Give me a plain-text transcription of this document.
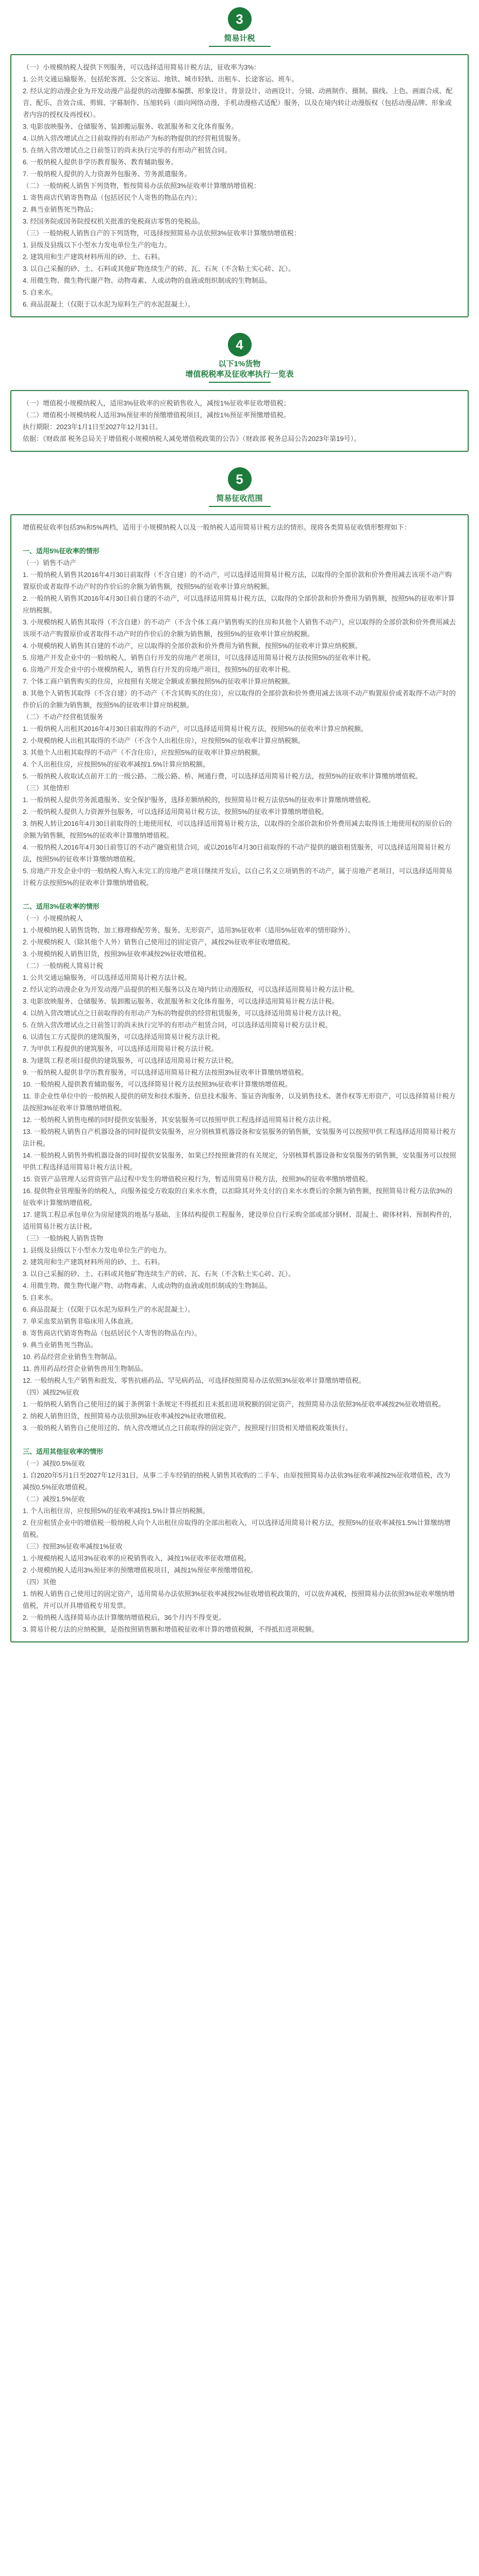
3
简易计税

（一）小规模纳税人提供下列服务，可以选择适用简易计税方法，征收率为3%：

1. 公共交通运输服务。包括轮客渡、公交客运、地铁、城市轻轨、出租车、长途客运、班车。

2. 经认定的动漫企业为开发动漫产品提供的动漫脚本编撰、形象设计、背景设计、动画设计、分镜、动画制作、摄制、描线、上色、画面合成、配音、配乐、音效合成、剪辑、字幕制作、压缩转码（面向网络动漫、手机动漫格式适配）服务，以及在境内转让动漫版权（包括动漫品牌、形象或者内容的授权及再授权）。

3. 电影放映服务、仓储服务、装卸搬运服务、收派服务和文化体育服务。

4. 以纳入营改增试点之日前取得的有形动产为标的物提供的经营租赁服务。

5. 在纳入营改增试点之日前签订的尚未执行完毕的有形动产租赁合同。

6. 一般纳税人提供非学历教育服务、教育辅助服务。

7. 一般纳税人提供的人力资源外包服务、劳务派遣服务。

（二）一般纳税人销售下列货物，暂按简易办法依照3%征收率计算缴纳增值税：

1. 寄售商店代销寄售物品（包括居民个人寄售的物品在内）；

2. 典当业销售死当物品；

3. 经国务院或国务院授权机关批准的免税商店零售的免税品。

（三）一般纳税人销售自产的下列货物，可选择按照简易办法依照3%征收率计算缴纳增值税：

1. 县级及县级以下小型水力发电单位生产的电力。

2. 建筑用和生产建筑材料所用的砂、土、石料。

3. 以自己采掘的砂、土、石料或其他矿物连续生产的砖、瓦、石灰（不含粘土实心砖、瓦）。

4. 用微生物、微生物代谢产物、动物毒素、人或动物的血液或组织制成的生物制品。

5. 自来水。

6. 商品混凝土（仅限于以水泥为原料生产的水泥混凝土）。

4
以下1%货物
增值税税率及征收率执行一览表

（一）增值税小规模纳税人，适用3%征收率的应税销售收入，减按1%征收率征收增值税；

（二）增值税小规模纳税人适用3%预征率的预缴增值税项目，减按1%预征率预缴增值税。

执行期限：2023年1月1日至2027年12月31日。

依据：《财政部 税务总局关于增值税小规模纳税人减免增值税政策的公告》（财政部 税务总局公告2023年第19号）。

5
简易征收范围

增值税征收率包括3%和5%两档，适用于小规模纳税人以及一般纳税人适用简易计税方法的情形。现将各类简易征收情形整理如下：

一、适用5%征收率的情形

（一）销售不动产

1. 一般纳税人销售其2016年4月30日前取得（不含自建）的不动产，可以选择适用简易计税方法，以取得的全部价款和价外费用减去该项不动产购置原价或者取得不动产时的作价后的余额为销售额，按照5%的征收率计算应纳税额。

2. 一般纳税人销售其2016年4月30日前自建的不动产，可以选择适用简易计税方法，以取得的全部价款和价外费用为销售额，按照5%的征收率计算应纳税额。

3. 小规模纳税人销售其取得（不含自建）的不动产（不含个体工商户销售购买的住房和其他个人销售不动产），应以取得的全部价款和价外费用减去该项不动产购置原价或者取得不动产时的作价后的余额为销售额，按照5%的征收率计算应纳税额。

4. 小规模纳税人销售其自建的不动产，应以取得的全部价款和价外费用为销售额，按照5%的征收率计算应纳税额。

5. 房地产开发企业中的一般纳税人，销售自行开发的房地产老项目，可以选择适用简易计税方法按照5%的征收率计税。

6. 房地产开发企业中的小规模纳税人，销售自行开发的房地产项目，按照5%的征收率计税。

7. 个体工商户销售购买的住房，应按照有关规定全额或差额按照5%的征收率计算应纳税额。

8. 其他个人销售其取得（不含自建）的不动产（不含其购买的住房），应以取得的全部价款和价外费用减去该项不动产购置原价或者取得不动产时的作价后的余额为销售额，按照5%的征收率计算应纳税额。

（二）不动产经营租赁服务

1. 一般纳税人出租其2016年4月30日前取得的不动产，可以选择适用简易计税方法，按照5%的征收率计算应纳税额。

2. 小规模纳税人出租其取得的不动产（不含个人出租住房），应按照5%的征收率计算应纳税额。

3. 其他个人出租其取得的不动产（不含住房），应按照5%的征收率计算应纳税额。

4. 个人出租住房，应按照5%的征收率减按1.5%计算应纳税额。

5. 一般纳税人收取试点前开工的一级公路、二级公路、桥、闸通行费，可以选择适用简易计税方法，按照5%的征收率计算缴纳增值税。

（三）其他情形

1. 一般纳税人提供劳务派遣服务、安全保护服务，选择差额纳税的，按照简易计税方法依5%的征收率计算缴纳增值税。

2. 一般纳税人提供人力资源外包服务，可以选择适用简易计税方法，按照5%的征收率计算缴纳增值税。

3. 纳税人转让2016年4月30日前取得的土地使用权，可以选择适用简易计税方法，以取得的全部价款和价外费用减去取得该土地使用权的原价后的余额为销售额，按照5%的征收率计算缴纳增值税。

4. 一般纳税人2016年4月30日前签订的不动产融资租赁合同，或以2016年4月30日前取得的不动产提供的融资租赁服务，可以选择适用简易计税方法，按照5%的征收率计算缴纳增值税。

5. 房地产开发企业中的一般纳税人购入未完工的房地产老项目继续开发后，以自己名义立项销售的不动产，属于房地产老项目，可以选择适用简易计税方法按照5%的征收率计算缴纳增值税。

二、适用3%征收率的情形

（一）小规模纳税人

1. 小规模纳税人销售货物、加工修理修配劳务、服务、无形资产，适用3%征收率（适用5%征收率的情形除外）。

2. 小规模纳税人（除其他个人外）销售自己使用过的固定资产，减按2%征收率征收增值税。

3. 小规模纳税人销售旧货，按照3%征收率减按2%征收增值税。

（二）一般纳税人简易计税

1. 公共交通运输服务，可以选择适用简易计税方法计税。

2. 经认定的动漫企业为开发动漫产品提供的相关服务以及在境内转让动漫版权，可以选择适用简易计税方法计税。

3. 电影放映服务、仓储服务、装卸搬运服务、收派服务和文化体育服务，可以选择适用简易计税方法计税。

4. 以纳入营改增试点之日前取得的有形动产为标的物提供的经营租赁服务，可以选择适用简易计税方法计税。

5. 在纳入营改增试点之日前签订的尚未执行完毕的有形动产租赁合同，可以选择适用简易计税方法计税。

6. 以清包工方式提供的建筑服务，可以选择适用简易计税方法计税。

7. 为甲供工程提供的建筑服务，可以选择适用简易计税方法计税。

8. 为建筑工程老项目提供的建筑服务，可以选择适用简易计税方法计税。

9. 一般纳税人提供非学历教育服务，可以选择适用简易计税方法按照3%征收率计算缴纳增值税。

10. 一般纳税人提供教育辅助服务，可以选择简易计税方法按照3%征收率计算缴纳增值税。

11. 非企业性单位中的一般纳税人提供的研发和技术服务、信息技术服务、鉴证咨询服务，以及销售技术、著作权等无形资产，可以选择简易计税方法按照3%征收率计算缴纳增值税。

12. 一般纳税人销售电梯的同时提供安装服务，其安装服务可以按照甲供工程选择适用简易计税方法计税。

13. 一般纳税人销售自产机器设备的同时提供安装服务，应分别核算机器设备和安装服务的销售额，安装服务可以按照甲供工程选择适用简易计税方法计税。

14. 一般纳税人销售外购机器设备的同时提供安装服务，如果已经按照兼营的有关规定，分别核算机器设备和安装服务的销售额，安装服务可以按照甲供工程选择适用简易计税方法计税。

15. 资管产品管理人运营资管产品过程中发生的增值税应税行为，暂适用简易计税方法，按照3%的征收率缴纳增值税。

16. 提供物业管理服务的纳税人，向服务接受方收取的自来水水费，以扣除其对外支付的自来水水费后的余额为销售额，按照简易计税方法依3%的征收率计算缴纳增值税。

17. 建筑工程总承包单位为房屋建筑的地基与基础、主体结构提供工程服务，建设单位自行采购全部或部分钢材、混凝土、砌体材料、预制构件的，适用简易计税方法计税。

（三）一般纳税人销售货物

1. 县级及县级以下小型水力发电单位生产的电力。

2. 建筑用和生产建筑材料所用的砂、土、石料。

3. 以自己采掘的砂、土、石料或其他矿物连续生产的砖、瓦、石灰（不含粘土实心砖、瓦）。

4. 用微生物、微生物代谢产物、动物毒素、人或动物的血液或组织制成的生物制品。

5. 自来水。

6. 商品混凝土（仅限于以水泥为原料生产的水泥混凝土）。

7. 单采血浆站销售非临床用人体血液。

8. 寄售商店代销寄售物品（包括居民个人寄售的物品在内）。

9. 典当业销售死当物品。

10. 药品经营企业销售生物制品。

11. 兽用药品经营企业销售兽用生物制品。

12. 一般纳税人生产销售和批发、零售抗癌药品、罕见病药品，可选择按照简易办法依照3%征收率计算缴纳增值税。

（四）减按2%征收

1. 一般纳税人销售自己使用过的属于条例第十条规定不得抵扣且未抵扣进项税额的固定资产，按照简易办法依照3%征收率减按2%征收增值税。

2. 纳税人销售旧货，按照简易办法依照3%征收率减按2%征收增值税。

3. 一般纳税人销售自己使用过的、纳入营改增试点之日前取得的固定资产，按照现行旧货相关增值税政策执行。

三、适用其他征收率的情形

（一）减按0.5%征收

1. 自2020年5月1日至2027年12月31日，从事二手车经销的纳税人销售其收购的二手车，由原按照简易办法依3%征收率减按2%征收增值税，改为减按0.5%征收增值税。

（二）减按1.5%征收

1. 个人出租住房，应按照5%的征收率减按1.5%计算应纳税额。

2. 住房租赁企业中的增值税一般纳税人向个人出租住房取得的全部出租收入，可以选择适用简易计税方法，按照5%的征收率减按1.5%计算缴纳增值税。

（三）按照3%征收率减按1%征收

1. 小规模纳税人适用3%征收率的应税销售收入，减按1%征收率征收增值税。

2. 小规模纳税人适用3%预征率的预缴增值税项目，减按1%预征率预缴增值税。

（四）其他

1. 纳税人销售自己使用过的固定资产，适用简易办法依照3%征收率减按2%征收增值税政策的，可以放弃减税，按照简易办法依照3%征收率缴纳增值税，并可以开具增值税专用发票。

2. 一般纳税人选择简易办法计算缴纳增值税后，36个月内不得变更。

3. 简易计税方法的应纳税额，是指按照销售额和增值税征收率计算的增值税额，不得抵扣进项税额。
